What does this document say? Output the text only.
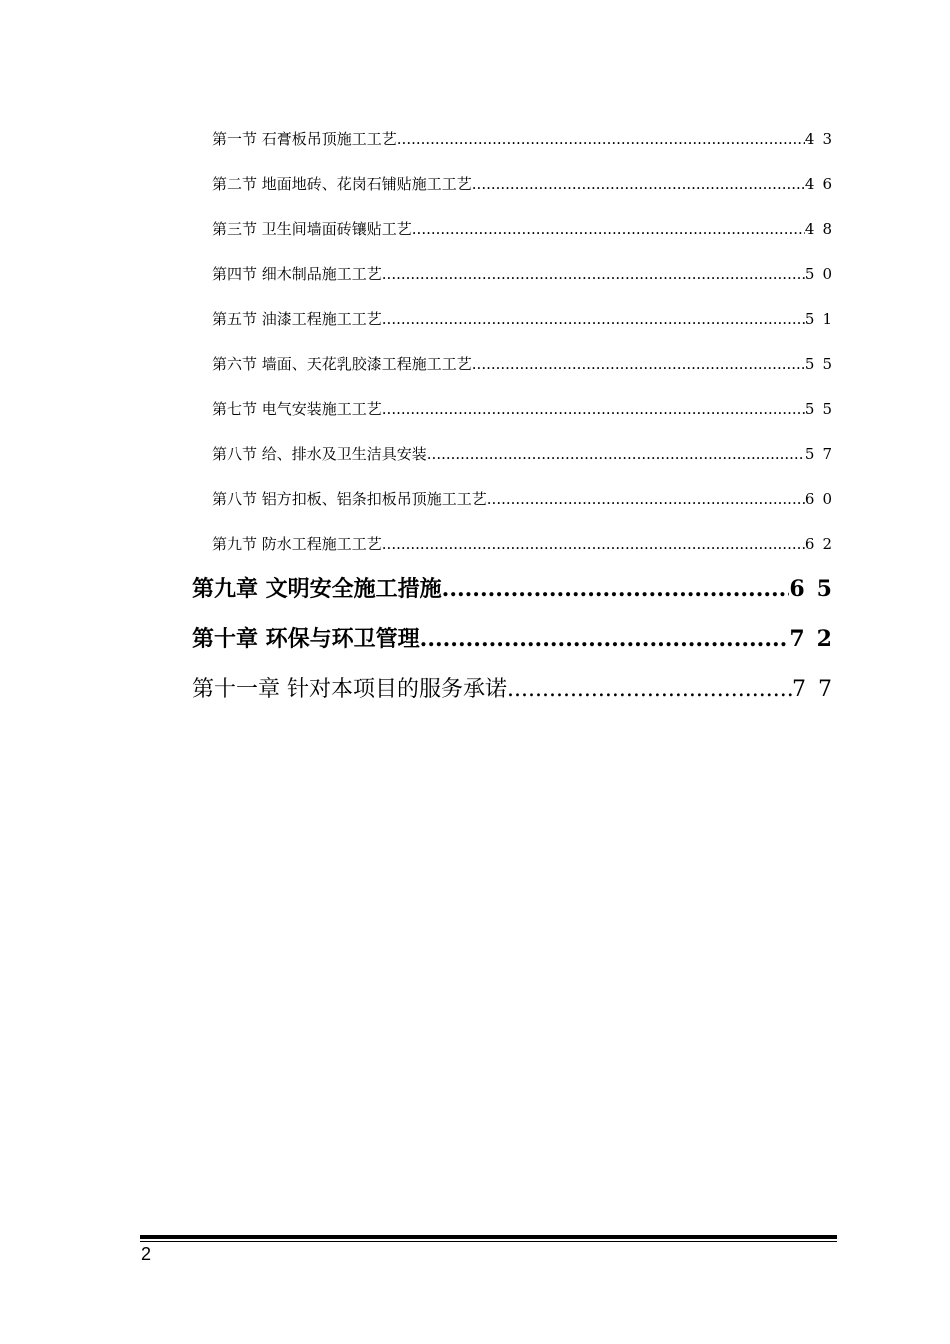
第一节 石膏板吊顶施工工艺 .....	43
第二节 地面地砖、花岗石铺贴施工工艺 .....	46
第三节 卫生间墙面砖镶贴工艺 .....	48
第四节 细木制品施工工艺 .....	50
第五节 油漆工程施工工艺 .....	51
第六节 墙面、天花乳胶漆工程施工工艺 .....	55
第七节 电气安装施工工艺 .....	55
第八节 给、排水及卫生洁具安装 .....	57
第八节 铝方扣板、铝条扣板吊顶施工工艺 .....	60
第九节 防水工程施工工艺 .....	62
第九章 文明安全施工措施 .....	65
第十章 环保与环卫管理 .....	72
第十一章 针对本项目的服务承诺 .....	77
2
